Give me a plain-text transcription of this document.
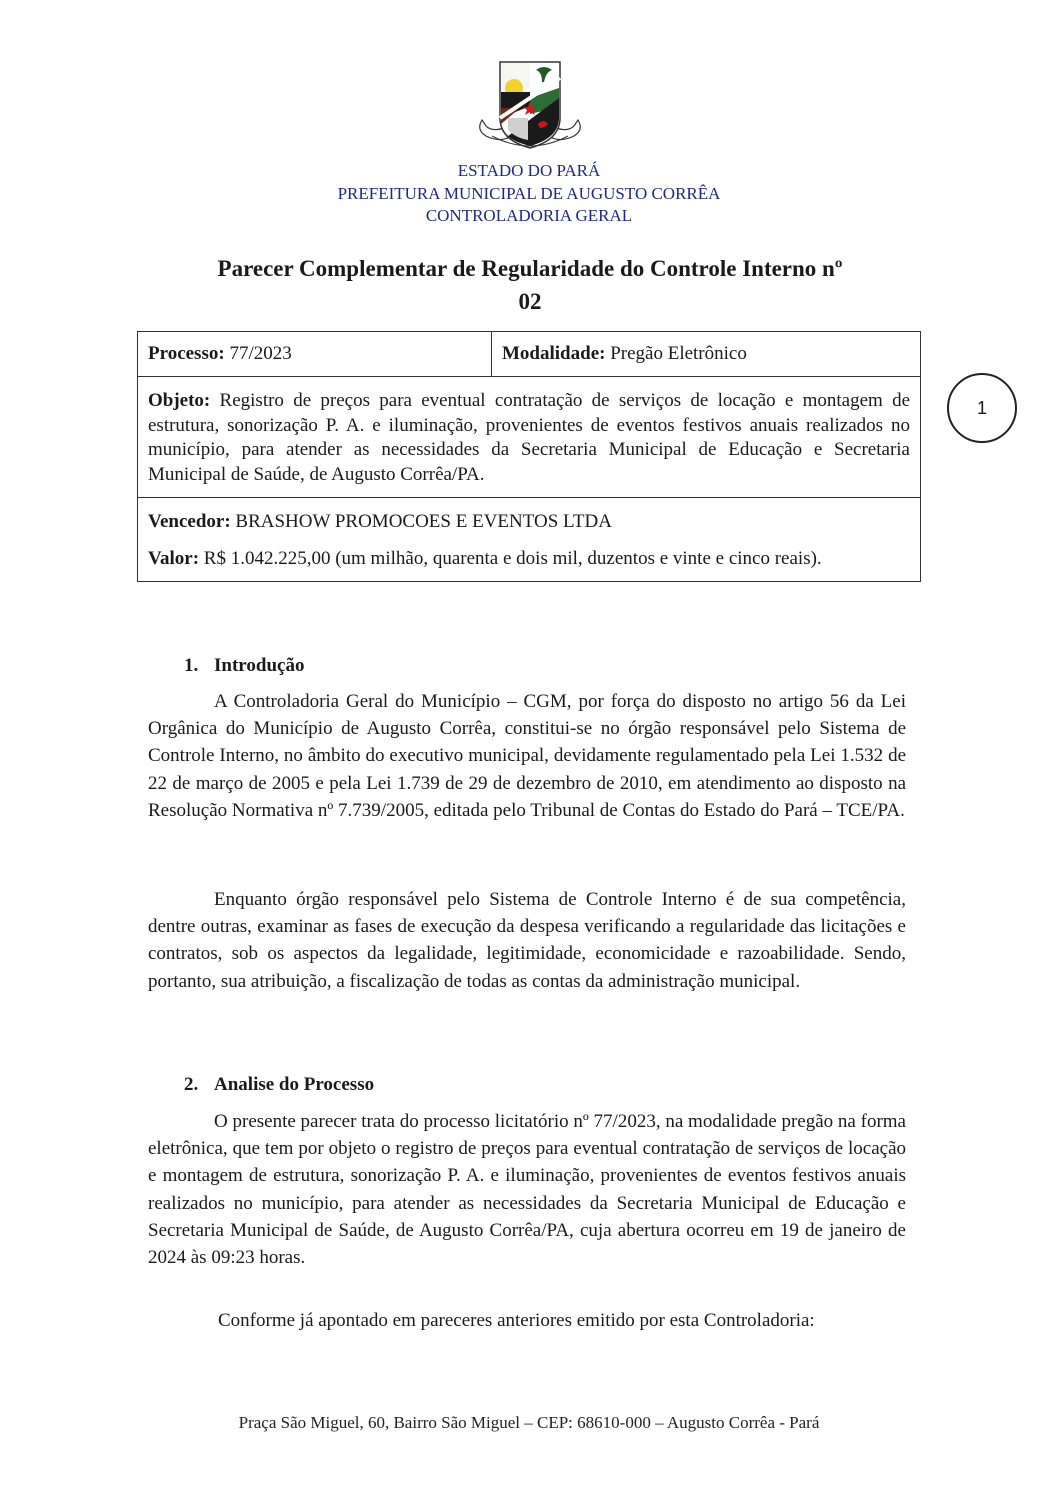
ESTADO DO PARÁ
PREFEITURA MUNICIPAL DE AUGUSTO CORRÊA
CONTROLADORIA GERAL
Parecer Complementar de Regularidade do Controle Interno nº
02
Processo: 77/2023	Modalidade: Pregão Eletrônico
Objeto: Registro de preços para eventual contratação de serviços de locação e montagem de estrutura, sonorização P. A. e iluminação, provenientes de eventos festivos anuais realizados no município, para atender as necessidades da Secretaria Municipal de Educação e Secretaria Municipal de Saúde, de Augusto Corrêa/PA.

Vencedor: BRASHOW PROMOCOES E EVENTOS LTDA

Valor: R$ 1.042.225,00 (um milhão, quarenta e dois mil, duzentos e vinte e cinco reais).

1
1. Introdução

A Controladoria Geral do Município – CGM, por força do disposto no artigo 56 da Lei Orgânica do Município de Augusto Corrêa, constitui-se no órgão responsável pelo Sistema de Controle Interno, no âmbito do executivo municipal, devidamente regulamentado pela Lei 1.532 de 22 de março de 2005 e pela Lei 1.739 de 29 de dezembro de 2010, em atendimento ao disposto na Resolução Normativa nº 7.739/2005, editada pelo Tribunal de Contas do Estado do Pará – TCE/PA.

Enquanto órgão responsável pelo Sistema de Controle Interno é de sua competência, dentre outras, examinar as fases de execução da despesa verificando a regularidade das licitações e contratos, sob os aspectos da legalidade, legitimidade, economicidade e razoabilidade. Sendo, portanto, sua atribuição, a fiscalização de todas as contas da administração municipal.

2. Analise do Processo

O presente parecer trata do processo licitatório nº 77/2023, na modalidade pregão na forma eletrônica, que tem por objeto o registro de preços para eventual contratação de serviços de locação e montagem de estrutura, sonorização P. A. e iluminação, provenientes de eventos festivos anuais realizados no município, para atender as necessidades da Secretaria Municipal de Educação e Secretaria Municipal de Saúde, de Augusto Corrêa/PA, cuja abertura ocorreu em 19 de janeiro de 2024 às 09:23 horas.

Conforme já apontado em pareceres anteriores emitido por esta Controladoria:

Praça São Miguel, 60, Bairro São Miguel – CEP: 68610-000 – Augusto Corrêa - Pará
